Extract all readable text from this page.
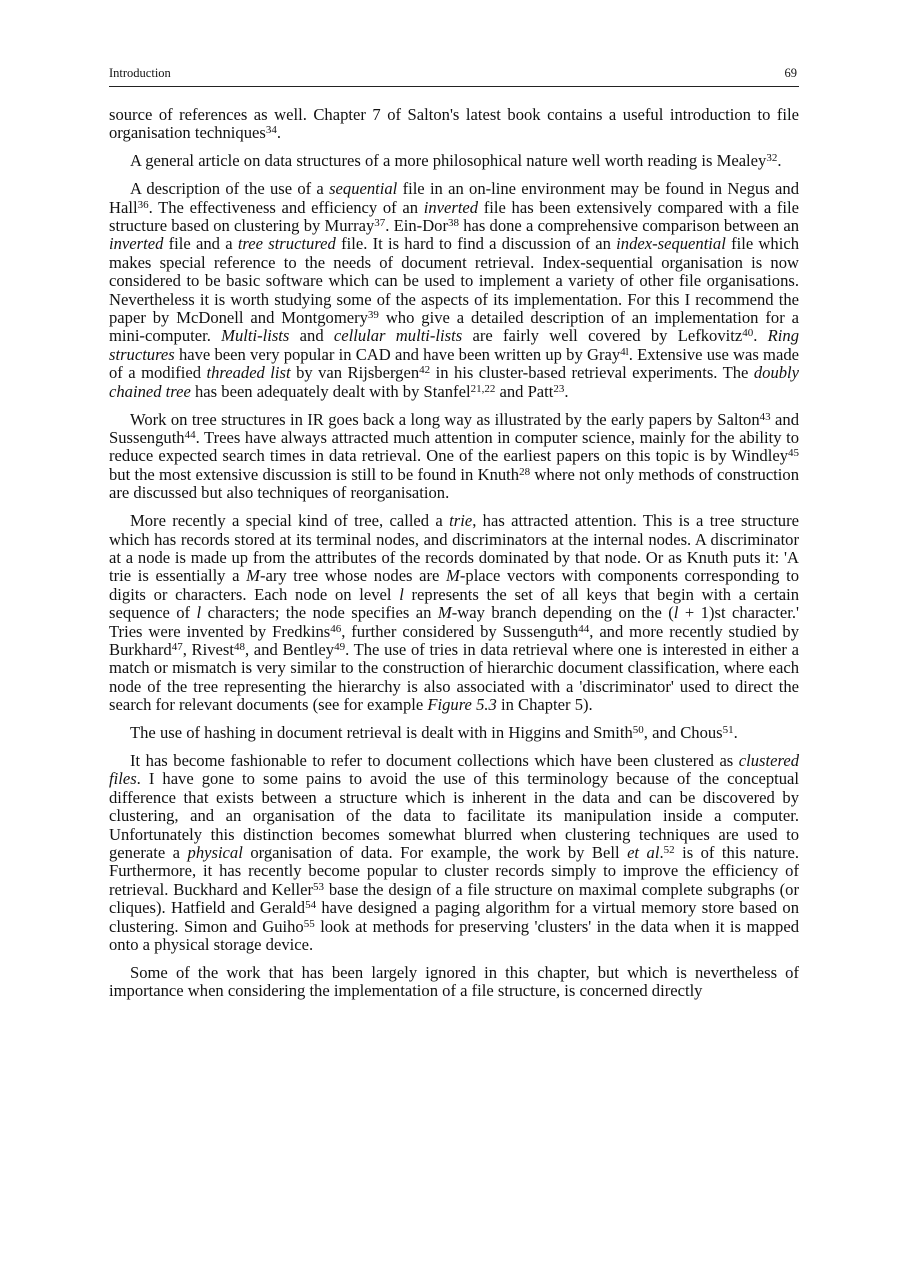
Introduction	69

source of references as well. Chapter 7 of Salton's latest book contains a useful introduction to file organisation techniques$^{34}$.

A general article on data structures of a more philosophical nature well worth reading is Mealey$^{32}$.

A description of the use of a sequential file in an on-line environment may be found in Negus and Hall$^{36}$. The effectiveness and efficiency of an inverted file has been extensively compared with a file structure based on clustering by Murray$^{37}$. Ein-Dor$^{38}$ has done a comprehensive comparison between an inverted file and a tree structured file. It is hard to find a discussion of an index-sequential file which makes special reference to the needs of document retrieval. Index-sequential organisation is now considered to be basic software which can be used to implement a variety of other file organisations. Nevertheless it is worth studying some of the aspects of its implementation. For this I recommend the paper by McDonell and Montgomery$^{39}$ who give a detailed description of an implementation for a mini-computer. Multi-lists and cellular multi-lists are fairly well covered by Lefkovitz$^{40}$. Ring structures have been very popular in CAD and have been written up by Gray$^{4l}$. Extensive use was made of a modified threaded list by van Rijsbergen$^{42}$ in his cluster-based retrieval experiments. The doubly chained tree has been adequately dealt with by Stanfel$^{21,22}$ and Patt$^{23}$.

Work on tree structures in IR goes back a long way as illustrated by the early papers by Salton$^{43}$ and Sussenguth$^{44}$. Trees have always attracted much attention in computer science, mainly for the ability to reduce expected search times in data retrieval. One of the earliest papers on this topic is by Windley$^{45}$ but the most extensive discussion is still to be found in Knuth$^{28}$ where not only methods of construction are discussed but also techniques of reorganisation.

More recently a special kind of tree, called a trie, has attracted attention. This is a tree structure which has records stored at its terminal nodes, and discriminators at the internal nodes. A discriminator at a node is made up from the attributes of the records dominated by that node. Or as Knuth puts it: 'A trie is essentially a M-ary tree whose nodes are M-place vectors with components corresponding to digits or characters. Each node on level l represents the set of all keys that begin with a certain sequence of l characters; the node specifies an M-way branch depending on the (l + 1)st character.' Tries were invented by Fredkins$^{46}$, further considered by Sussenguth$^{44}$, and more recently studied by Burkhard$^{47}$, Rivest$^{48}$, and Bentley$^{49}$. The use of tries in data retrieval where one is interested in either a match or mismatch is very similar to the construction of hierarchic document classification, where each node of the tree representing the hierarchy is also associated with a 'discriminator' used to direct the search for relevant documents (see for example Figure 5.3 in Chapter 5).

The use of hashing in document retrieval is dealt with in Higgins and Smith$^{50}$, and Chous$^{51}$.

It has become fashionable to refer to document collections which have been clustered as clustered files. I have gone to some pains to avoid the use of this terminology because of the conceptual difference that exists between a structure which is inherent in the data and can be discovered by clustering, and an organisation of the data to facilitate its manipulation inside a computer. Unfortunately this distinction becomes somewhat blurred when clustering techniques are used to generate a physical organisation of data. For example, the work by Bell et al.$^{52}$ is of this nature. Furthermore, it has recently become popular to cluster records simply to improve the efficiency of retrieval. Buckhard and Keller$^{53}$ base the design of a file structure on maximal complete subgraphs (or cliques). Hatfield and Gerald$^{54}$ have designed a paging algorithm for a virtual memory store based on clustering. Simon and Guiho$^{55}$ look at methods for preserving 'clusters' in the data when it is mapped onto a physical storage device.

Some of the work that has been largely ignored in this chapter, but which is nevertheless of importance when considering the implementation of a file structure, is concerned directly
